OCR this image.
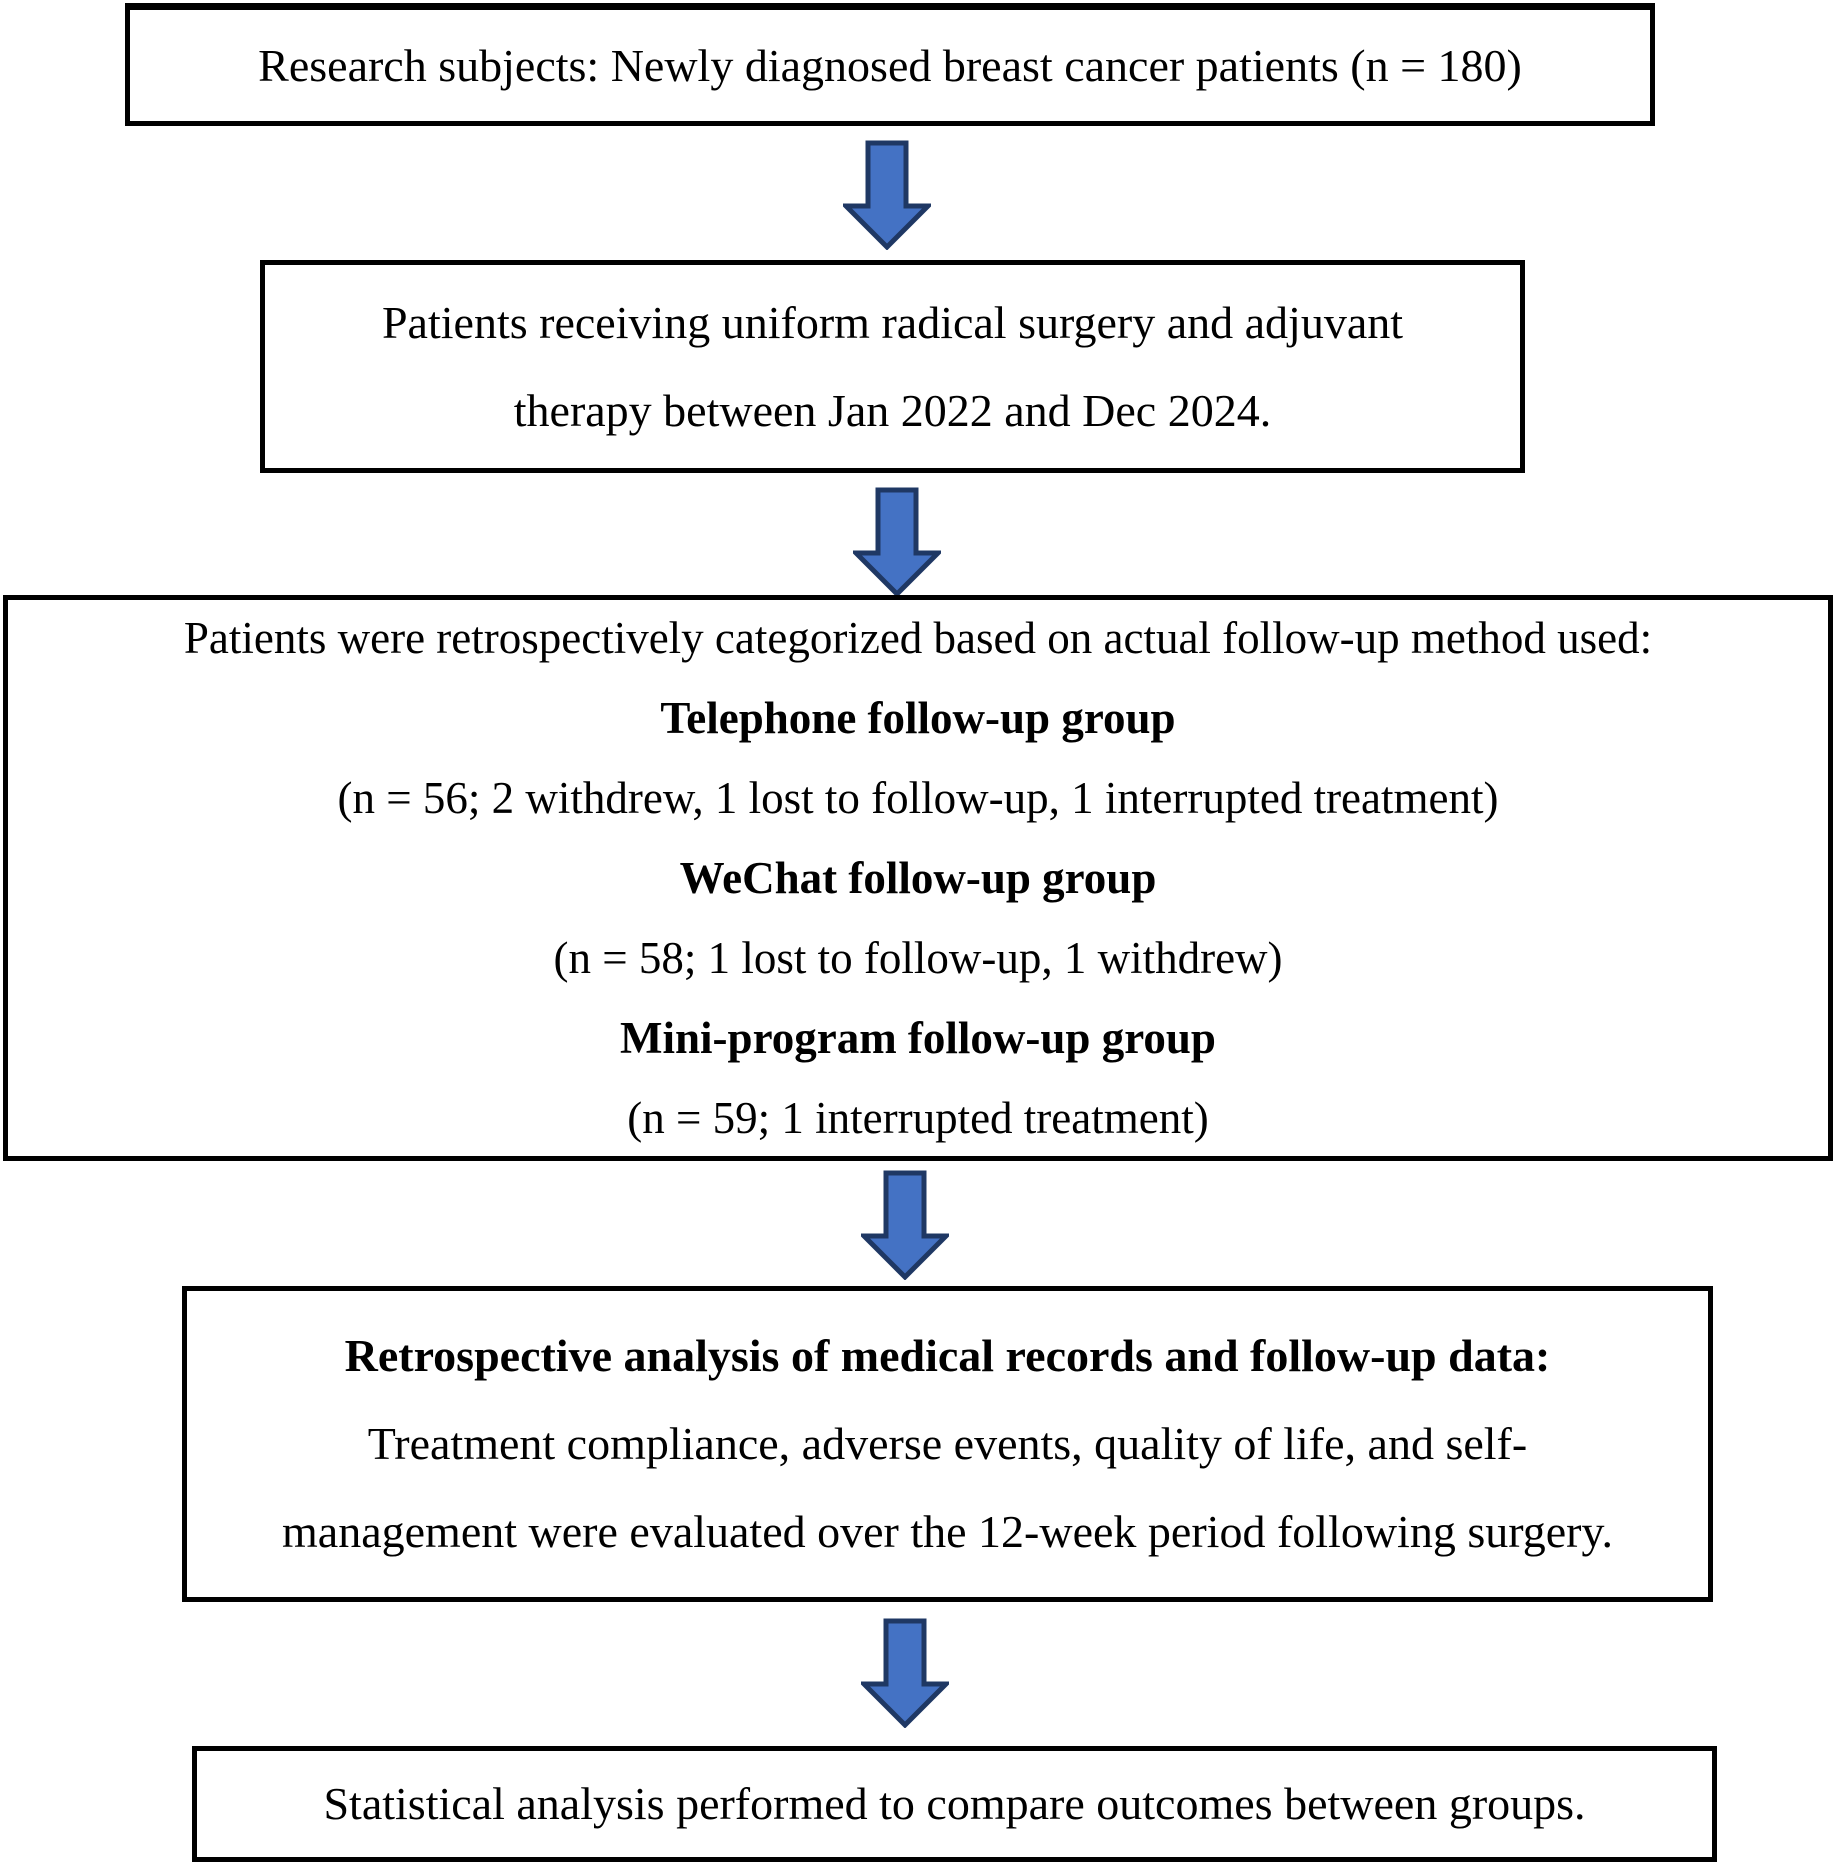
Research subjects: Newly diagnosed breast cancer patients (n = 180)
Patients receiving uniform radical surgery and adjuvant
therapy between Jan 2022 and Dec 2024.
Patients were retrospectively categorized based on actual follow-up method used:
Telephone follow-up group
(n = 56; 2 withdrew, 1 lost to follow-up, 1 interrupted treatment)
WeChat follow-up group
(n = 58; 1 lost to follow-up, 1 withdrew)
Mini-program follow-up group
(n = 59; 1 interrupted treatment)
Retrospective analysis of medical records and follow-up data:
Treatment compliance, adverse events, quality of life, and self-
management were evaluated over the 12-week period following surgery.
Statistical analysis performed to compare outcomes between groups.
